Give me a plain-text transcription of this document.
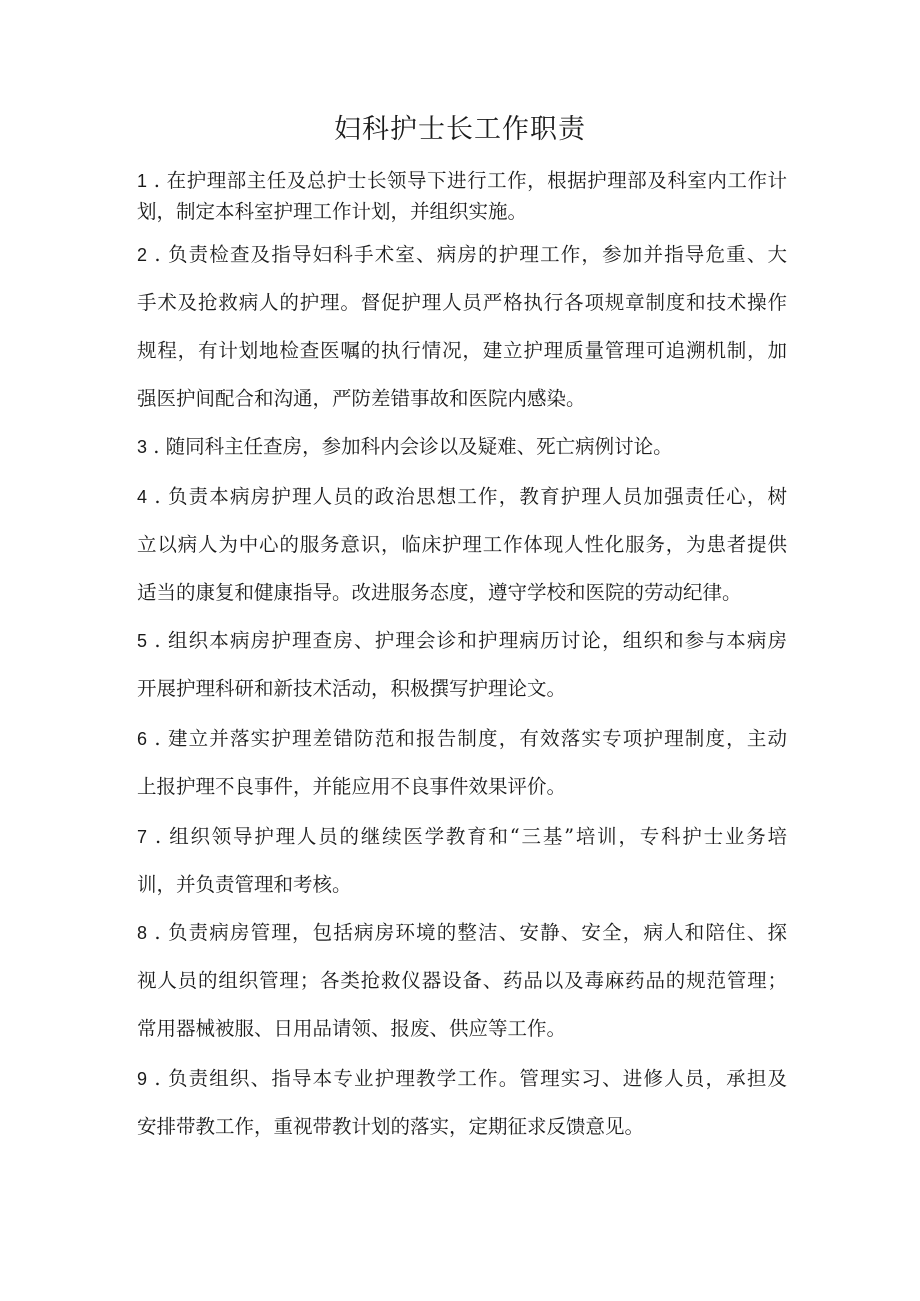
妇科护士长工作职责
1 . 在护理部主任及总护士长领导下进行工作，根据护理部及科室内工作计
划，制定本科室护理工作计划，并组织实施。
2 . 负责检查及指导妇科手术室、病房的护理工作，参加并指导危重、大
手术及抢救病人的护理。督促护理人员严格执行各项规章制度和技术操作
规程，有计划地检查医嘱的执行情况，建立护理质量管理可追溯机制，加
强医护间配合和沟通，严防差错事故和医院内感染。
3 . 随同科主任查房，参加科内会诊以及疑难、死亡病例讨论。
4 . 负责本病房护理人员的政治思想工作，教育护理人员加强责任心，树
立以病人为中心的服务意识，临床护理工作体现人性化服务，为患者提供
适当的康复和健康指导。改进服务态度，遵守学校和医院的劳动纪律。
5 . 组织本病房护理查房、护理会诊和护理病历讨论，组织和参与本病房
开展护理科研和新技术活动，积极撰写护理论文。
6 . 建立并落实护理差错防范和报告制度，有效落实专项护理制度，主动
上报护理不良事件，并能应用不良事件效果评价。
7 . 组织领导护理人员的继续医学教育和“三基”培训，专科护士业务培
训，并负责管理和考核。
8 . 负责病房管理，包括病房环境的整洁、安静、安全，病人和陪住、探
视人员的组织管理；各类抢救仪器设备、药品以及毒麻药品的规范管理；
常用器械被服、日用品请领、报废、供应等工作。
9 . 负责组织、指导本专业护理教学工作。管理实习、进修人员，承担及
安排带教工作，重视带教计划的落实，定期征求反馈意见。
